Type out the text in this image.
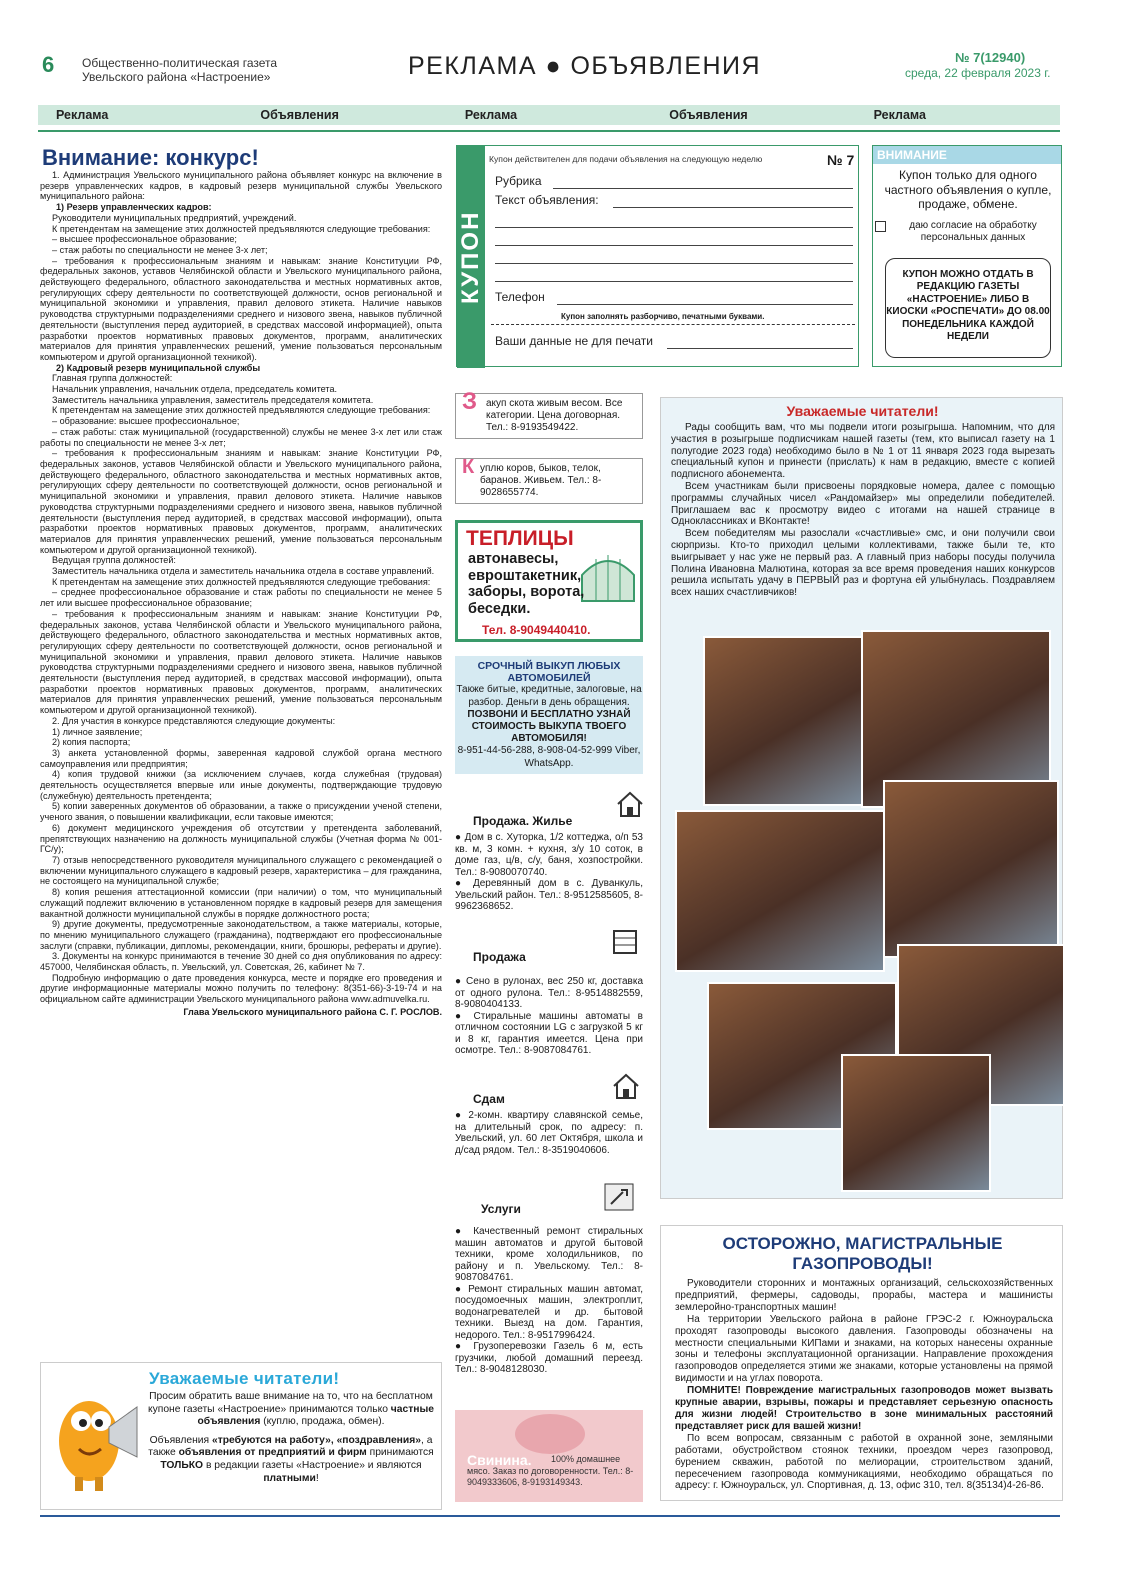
6 Общественно-политическая газета Увельского района «Настроение»	РЕКЛАМА ● ОБЪЯВЛЕНИЯ	№ 7(12940)
среда, 22 февраля 2023 г.
Реклама	Объявления	Реклама	Объявления	Реклама
Внимание: конкурс!

1. Администрация Увельского муниципального района объявляет конкурс на включение в резерв управленческих кадров, в кадровый резерв муниципальной службы Увельского муниципального района:

1) Резерв управленческих кадров:

Руководители муниципальных предприятий, учреждений.

К претендентам на замещение этих должностей предъявляются следующие требования:

– высшее профессиональное образование;

– стаж работы по специальности не менее 3-х лет;

– требования к профессиональным знаниям и навыкам: знание Конституции РФ, федеральных законов, уставов Челябинской области и Увельского муниципального района, действующего федерального, областного законодательства и местных нормативных актов, регулирующих сферу деятельности по соответствующей должности, основ региональной и муниципальной экономики и управления, правил делового этикета. Наличие навыков руководства структурными подразделениями среднего и низового звена, навыков публичной деятельности (выступления перед аудиторией, в средствах массовой информацией), опыта разработки проектов нормативных правовых документов, программ, аналитических материалов для принятия управленческих решений, умение пользоваться персональным компьютером и другой организационной техникой).

2) Кадровый резерв муниципальной службы

Главная группа должностей:

Начальник управления, начальник отдела, председатель комитета.

Заместитель начальника управления, заместитель председателя комитета.

К претендентам на замещение этих должностей предъявляются следующие требования:

– образование: высшее профессиональное;

– стаж работы: стаж муниципальной (государственной) службы не менее 3-х лет или стаж работы по специальности не менее 3-х лет;

– требования к профессиональным знаниям и навыкам: знание Конституции РФ, федеральных законов, уставов Челябинской области и Увельского муниципального района, действующего федерального, областного законодательства и местных нормативных актов, регулирующих сферу деятельности по соответствующей должности, основ региональной и муниципальной экономики и управления, правил делового этикета. Наличие навыков руководства структурными подразделениями среднего и низового звена, навыков публичной деятельности (выступления перед аудиторией, в средствах массовой информации), опыта разработки проектов нормативных правовых документов, программ, аналитических материалов для принятия управленческих решений, умение пользоваться персональным компьютером и другой организационной техникой).

Ведущая группа должностей:

Заместитель начальника отдела и заместитель начальника отдела в составе управлений.

К претендентам на замещение этих должностей предъявляются следующие требования:

– среднее профессиональное образование и стаж работы по специальности не менее 5 лет или высшее профессиональное образование;

– требования к профессиональным знаниям и навыкам: знание Конституции РФ, федеральных законов, устава Челябинской области и Увельского муниципального района, действующего федерального, областного законодательства и местных нормативных актов, регулирующих сферу деятельности по соответствующей должности, основ региональной и муниципальной экономики и управления, правил делового этикета. Наличие навыков руководства структурными подразделениями среднего и низового звена, навыков публичной деятельности (выступления перед аудиторией, в средствах массовой информации), опыта разработки проектов нормативных правовых документов, программ, аналитических материалов для принятия управленческих решений, умение пользоваться персональным компьютером и другой организационной техникой).

2. Для участия в конкурсе представляются следующие документы:

1) личное заявление;

2) копия паспорта;

3) анкета установленной формы, заверенная кадровой службой органа местного самоуправления или предприятия;

4) копия трудовой книжки (за исключением случаев, когда служебная (трудовая) деятельность осуществляется впервые или иные документы, подтверждающие трудовую (служебную) деятельность претендента;

5) копии заверенных документов об образовании, а также о присуждении ученой степени, ученого звания, о повышении квалификации, если таковые имеются;

6) документ медицинского учреждения об отсутствии у претендента заболеваний, препятствующих назначению на должность муниципальной службы (Учетная форма № 001-ГС/у);

7) отзыв непосредственного руководителя муниципального служащего с рекомендацией о включении муниципального служащего в кадровый резерв, характеристика – для гражданина, не состоящего на муниципальной службе;

8) копия решения аттестационной комиссии (при наличии) о том, что муниципальный служащий подлежит включению в установленном порядке в кадровый резерв для замещения вакантной должности муниципальной службы в порядке должностного роста;

9) другие документы, предусмотренные законодательством, а также материалы, которые, по мнению муниципального служащего (гражданина), подтверждают его профессиональные заслуги (справки, публикации, дипломы, рекомендации, книги, брошюры, рефераты и другие).

3. Документы на конкурс принимаются в течение 30 дней со дня опубликования по адресу: 457000, Челябинская область, п. Увельский, ул. Советская, 26, кабинет № 7.

Подробную информацию о дате проведения конкурса, месте и порядке его проведения и другие информационные материалы можно получить по телефону: 8(351-66)-3-19-74 и на официальном сайте администрации Увельского муниципального района www.admuvelka.ru.

Глава Увельского муниципального района С. Г. РОСЛОВ.

Уважаемые читатели!

Просим обратить ваше внимание на то, что на бесплатном купоне газеты «Настроение» принимаются только частные объявления (куплю, продажа, обмен).

Объявления «требуются на работу», «поздравления», а также объявления от предприятий и фирм принимаются ТОЛЬКО в редакции газеты «Настроение» и являются платными!

КУПОН
Купон действителен для подачи объявления на следующую неделю	№ 7
Рубрика
Текст объявления:
Телефон
Купон заполнять разборчиво, печатными буквами.
Ваши данные не для печати
ВНИМАНИЕ
Купон только для одного частного объявления о купле, продаже, обмене.
даю согласие на обработку персональных данных
КУПОН МОЖНО ОТДАТЬ В РЕДАКЦИЮ ГАЗЕТЫ «НАСТРОЕНИЕ» ЛИБО В КИОСКИ «РОСПЕЧАТИ» ДО 08.00 ПОНЕДЕЛЬНИКА КАЖДОЙ НЕДЕЛИ
З акуп скота живым весом. Все категории. Цена договорная. Тел.: 8-9193549422.
К уплю коров, быков, телок, баранов. Живьем. Тел.: 8-9028655774.
ТЕПЛИЦЫ
автонавесы, евроштакетник, заборы, ворота, беседки.
Тел. 8-9049440410.
СРОЧНЫЙ ВЫКУП ЛЮБЫХ АВТОМОБИЛЕЙ
Также битые, кредитные, залоговые, на разбор. Деньги в день обращения.
ПОЗВОНИ И БЕСПЛАТНО УЗНАЙ СТОИМОСТЬ ВЫКУПА ТВОЕГО АВТОМОБИЛЯ!
8-951-44-56-288, 8-908-04-52-999 Viber, WhatsApp.
Продажа. Жилье

● Дом в с. Хуторка, 1/2 коттеджа, о/п 53 кв. м, 3 комн. + кухня, з/у 10 соток, в доме газ, ц/в, с/у, баня, хозпостройки. Тел.: 8-9080070740.

● Деревянный дом в с. Дуванкуль, Увельский район. Тел.: 8-9512585605, 8-9962368652.

Продажа

● Сено в рулонах, вес 250 кг, доставка от одного рулона. Тел.: 8-9514882559, 8-9080404133.

● Стиральные машины автоматы в отличном состоянии LG с загрузкой 5 кг и 8 кг, гарантия имеется. Цена при осмотре. Тел.: 8-9087084761.

Сдам

● 2-комн. квартиру славянской семье, на длительный срок, по адресу: п. Увельский, ул. 60 лет Октября, школа и д/сад рядом. Тел.: 8-3519040606.

Услуги

● Качественный ремонт стиральных машин автоматов и другой бытовой техники, кроме холодильников, по району и п. Увельскому. Тел.: 8-9087084761.

● Ремонт стиральных машин автомат, посудомоечных машин, электроплит, водонагревателей и др. бытовой техники. Выезд на дом. Гарантия, недорого. Тел.: 8-9517996424.

● Грузоперевозки Газель 6 м, есть грузчики, любой домашний переезд. Тел.: 8-9048128030.

Свинина. 100% домашнее
мясо. Заказ по договоренности. Тел.: 8-9049333606, 8-9193149343.
Уважаемые читатели!

Рады сообщить вам, что мы подвели итоги розыгрыша. Напомним, что для участия в розыгрыше подписчикам нашей газеты (тем, кто выписал газету на 1 полугодие 2023 года) необходимо было в № 1 от 11 января 2023 года вырезать специальный купон и принести (прислать) к нам в редакцию, вместе с копией подписного абонемента.

Всем участникам были присвоены порядковые номера, далее с помощью программы случайных чисел «Рандомайзер» мы определили победителей. Приглашаем вас к просмотру видео с итогами на нашей странице в Одноклассниках и ВКонтакте!

Всем победителям мы разослали «счастливые» смс, и они получили свои сюрпризы. Кто-то приходил целыми коллективами, также были те, кто выигрывает у нас уже не первый раз. А главный приз наборы посуды получила Полина Ивановна Малютина, которая за все время проведения наших конкурсов решила испытать удачу в ПЕРВЫЙ раз и фортуна ей улыбнулась. Поздравляем всех наших счастливчиков!

ОСТОРОЖНО, МАГИСТРАЛЬНЫЕ ГАЗОПРОВОДЫ!

Руководители сторонних и монтажных организаций, сельскохозяйственных предприятий, фермеры, садоводы, прорабы, мастера и машинисты землеройно-транспортных машин!

На территории Увельского района в районе ГРЭС-2 г. Южноуральска проходят газопроводы высокого давления. Газопроводы обозначены на местности специальными КИПами и знаками, на которых нанесены охранные зоны и телефоны эксплуатационной организации. Направление прохождения газопроводов определяется этими же знаками, которые установлены на прямой видимости и на углах поворота.

ПОМНИТЕ! Повреждение магистральных газопроводов может вызвать крупные аварии, взрывы, пожары и представляет серьезную опасность для жизни людей! Строительство в зоне минимальных расстояний представляет риск для вашей жизни!

По всем вопросам, связанным с работой в охранной зоне, земляными работами, обустройством стоянок техники, проездом через газопровод, бурением скважин, работой по мелиорации, строительством зданий, пересечением газопровода коммуникациями, необходимо обращаться по адресу: г. Южноуральск, ул. Спортивная, д. 13, офис 310, тел. 8(35134)4-26-86.
